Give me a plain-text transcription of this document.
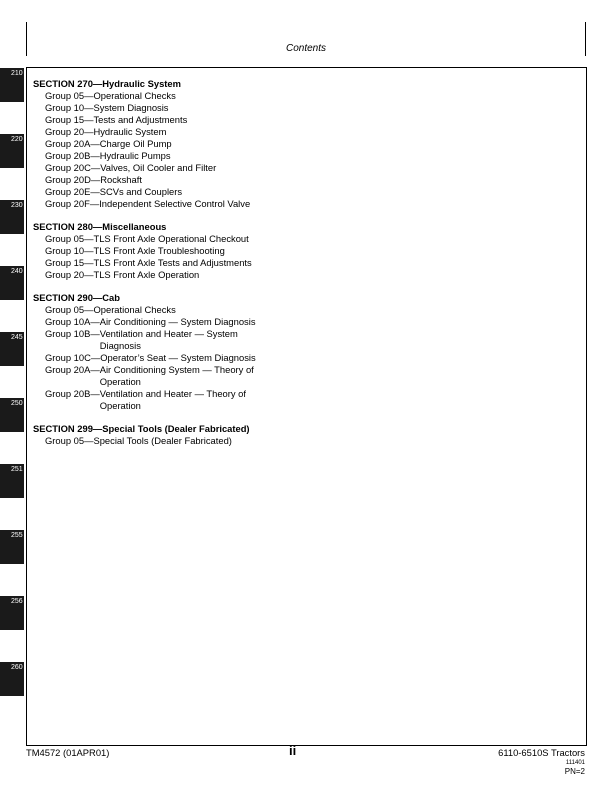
Contents
210
220
230
240
245
250
251
255
256
260
SECTION 270—Hydraulic System
Group 05— Operational Checks
Group 10— System Diagnosis
Group 15— Tests and Adjustments
Group 20— Hydraulic System
Group 20A— Charge Oil Pump
Group 20B— Hydraulic Pumps
Group 20C— Valves, Oil Cooler and Filter
Group 20D— Rockshaft
Group 20E— SCVs and Couplers
Group 20F— Independent Selective Control Valve
SECTION 280—Miscellaneous
Group 05— TLS Front Axle Operational Checkout
Group 10— TLS Front Axle Troubleshooting
Group 15— TLS Front Axle Tests and Adjustments
Group 20— TLS Front Axle Operation
SECTION 290—Cab
Group 05— Operational Checks
Group 10A— Air Conditioning — System Diagnosis
Group 10B— Ventilation and Heater — System Diagnosis
Group 10C— Operator’s Seat — System Diagnosis
Group 20A— Air Conditioning System — Theory of Operation
Group 20B— Ventilation and Heater — Theory of Operation
SECTION 299—Special Tools (Dealer Fabricated)
Group 05— Special Tools (Dealer Fabricated)
TM4572 (01APR01)	ii	6110-6510S Tractors
111401
PN=2
